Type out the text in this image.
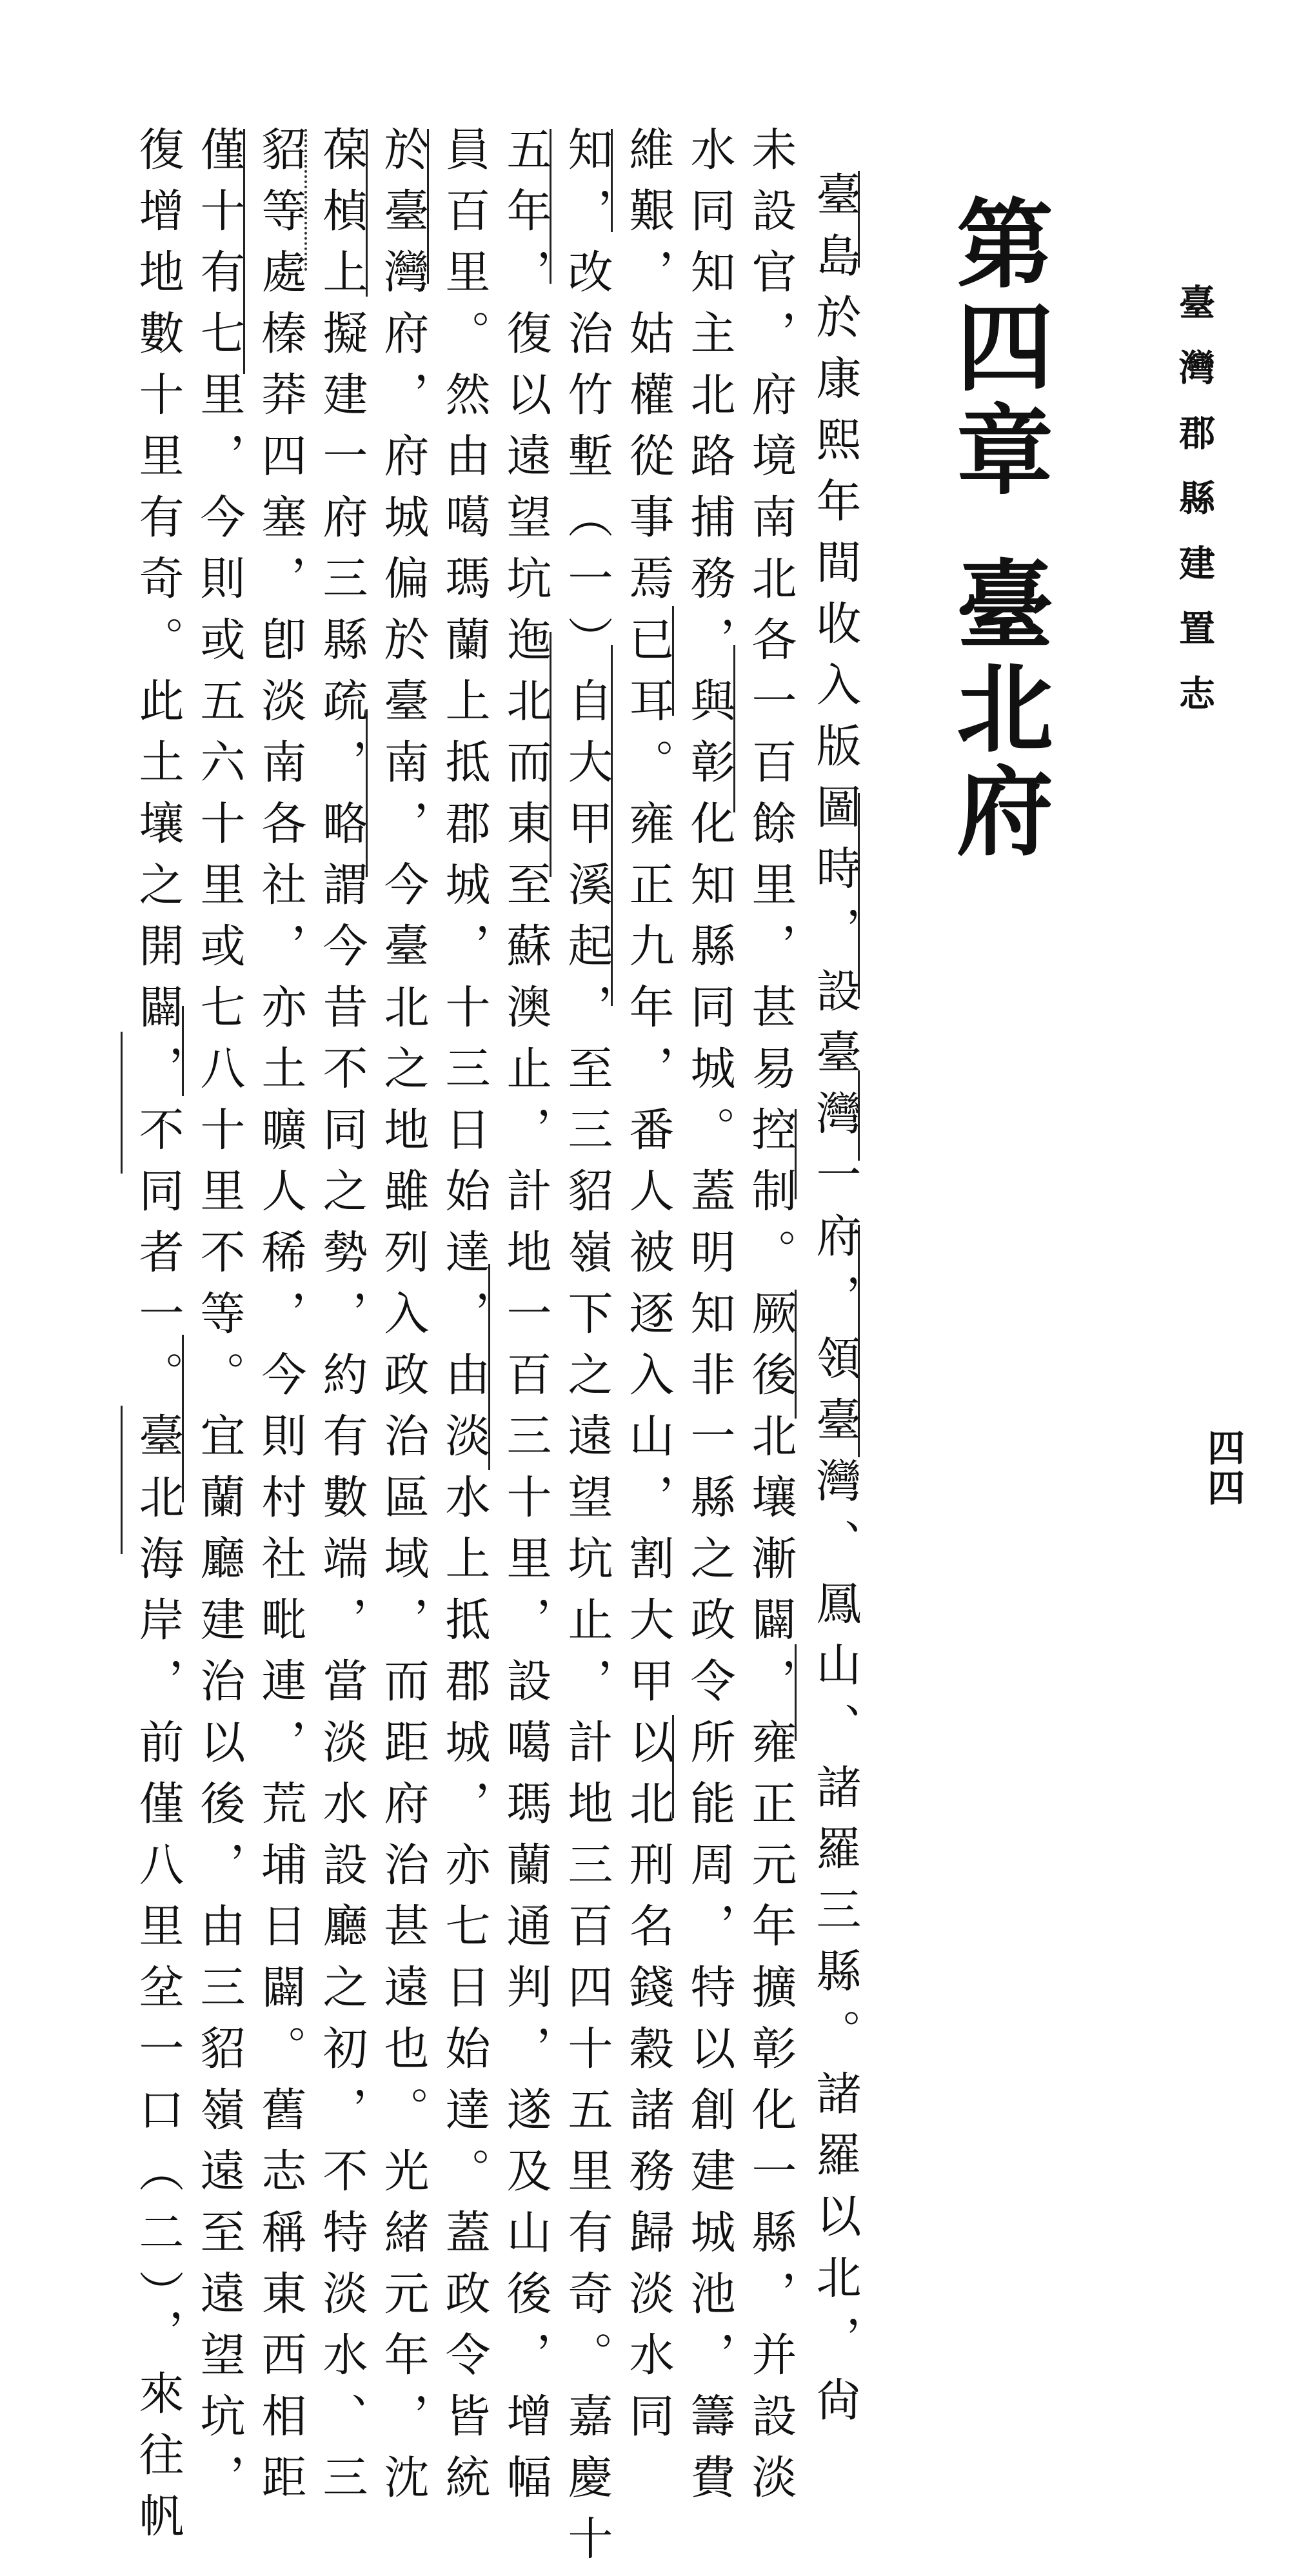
臺灣郡縣建置志
四四
第四章臺北府
臺島於康熙年間收入版圖時，設臺灣一府，領臺灣、鳳山、諸羅三縣。諸羅以北，尙
未設官，府境南北各一百餘里，甚易控制。厥後北壤漸闢，雍正元年擴彰化一縣，并設淡
水同知主北路捕務，與彰化知縣同城。蓋明知非一縣之政令所能周，特以創建城池，籌費
維艱，姑權從事焉已耳。雍正九年，番人被逐入山，割大甲以北刑名錢穀諸務歸淡水同
知，改治竹塹（一）自大甲溪起，至三貂嶺下之遠望坑止，計地三百四十五里有奇。嘉慶十
五年，復以遠望坑迤北而東至蘇澳止，計地一百三十里，設噶瑪蘭通判，遂及山後，增幅
員百里。然由噶瑪蘭上抵郡城，十三日始達，由淡水上抵郡城，亦七日始達。蓋政令皆統
於臺灣府，府城偏於臺南，今臺北之地雖列入政治區域，而距府治甚遠也。光緒元年，沈
葆楨上擬建一府三縣疏，略謂今昔不同之勢，約有數端，當淡水設廳之初，不特淡水、三
貂等處榛莽四塞，卽淡南各社，亦土曠人稀，今則村社毗連，荒埔日闢。舊志稱東西相距
僅十有七里，今則或五六十里或七八十里不等。宜蘭廳建治以後，由三貂嶺遠至遠望坑，
復增地數十里有奇。此土壤之開闢，不同者一。臺北海岸，前僅八里坌一口（二），來往帆
